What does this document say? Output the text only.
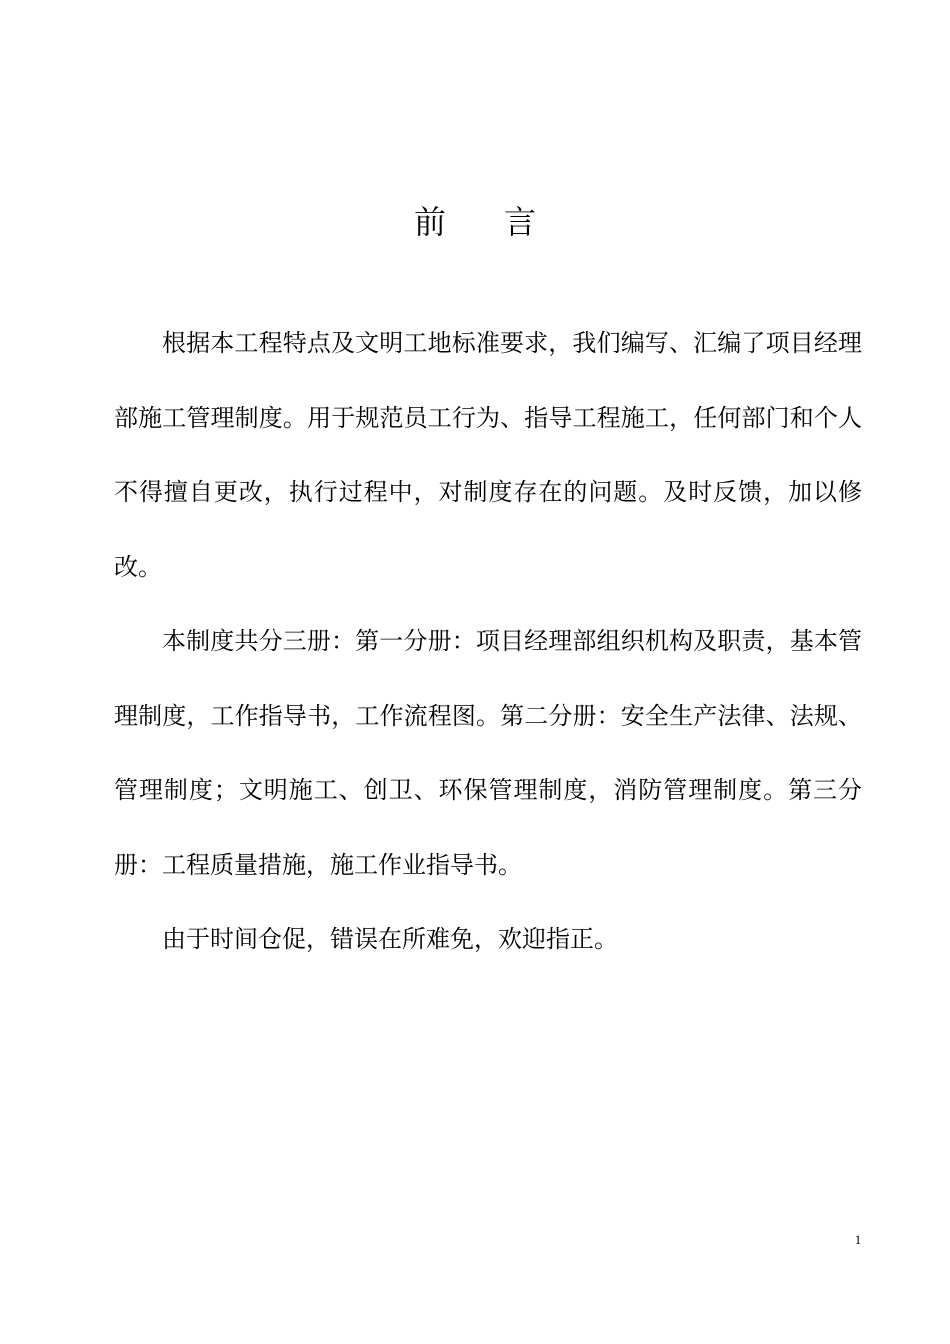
前 言

根据本工程特点及文明工地标准要求，我们编写、汇编了项目经理部施工管理制度。用于规范员工行为、指导工程施工，任何部门和个人不得擅自更改，执行过程中，对制度存在的问题。及时反馈，加以修改。

本制度共分三册：第一分册：项目经理部组织机构及职责，基本管理制度，工作指导书，工作流程图。第二分册：安全生产法律、法规、管理制度；文明施工、创卫、环保管理制度，消防管理制度。第三分册：工程质量措施，施工作业指导书。

由于时间仓促，错误在所难免，欢迎指正。

1
